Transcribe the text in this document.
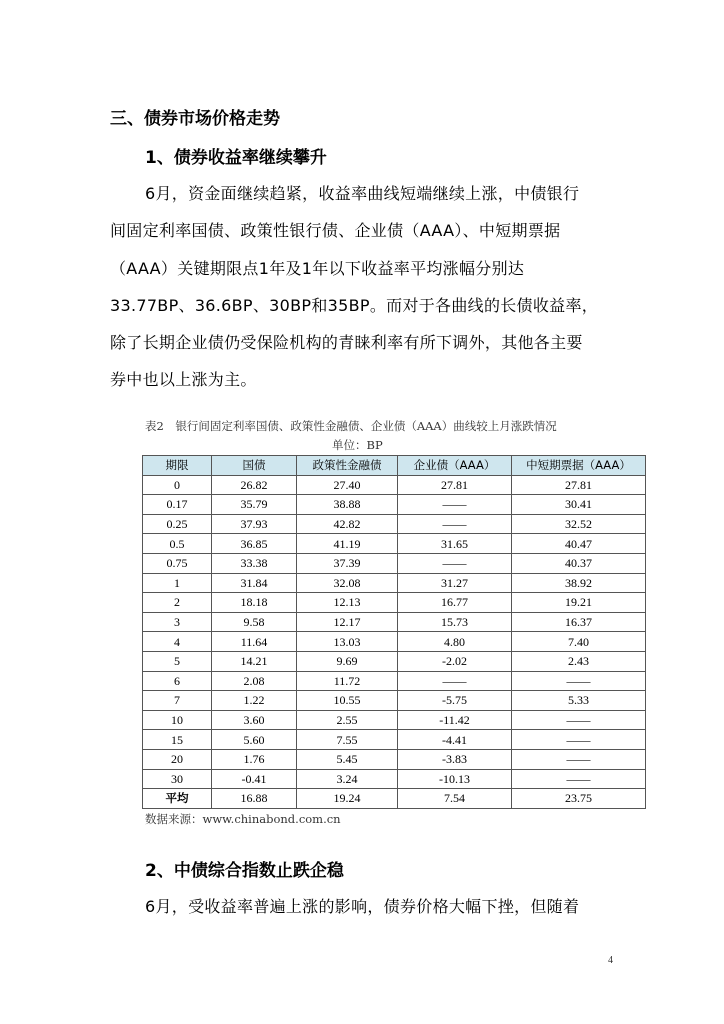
三、债券市场价格走势
1、债券收益率继续攀升
6月，资金面继续趋紧，收益率曲线短端继续上涨，中债银行
间固定利率国债、政策性银行债、企业债（AAA）、中短期票据
（AAA）关键期限点1年及1年以下收益率平均涨幅分别达
33.77BP、36.6BP、30BP和35BP。而对于各曲线的长债收益率，
除了长期企业债仍受保险机构的青睐利率有所下调外，其他各主要
券中也以上涨为主。
表2　银行间固定利率国债、政策性金融债、企业债（AAA）曲线较上月涨跌情况
单位：BP
期限	国债	政策性金融债	企业债（AAA）	中短期票据（AAA）
0	26.82	27.40	27.81	27.81
0.17	35.79	38.88	——	30.41
0.25	37.93	42.82	——	32.52
0.5	36.85	41.19	31.65	40.47
0.75	33.38	37.39	——	40.37
1	31.84	32.08	31.27	38.92
2	18.18	12.13	16.77	19.21
3	9.58	12.17	15.73	16.37
4	11.64	13.03	4.80	7.40
5	14.21	9.69	-2.02	2.43
6	2.08	11.72	——	——
7	1.22	10.55	-5.75	5.33
10	3.60	2.55	-11.42	——
15	5.60	7.55	-4.41	——
20	1.76	5.45	-3.83	——
30	-0.41	3.24	-10.13	——
平均	16.88	19.24	7.54	23.75
数据来源：www.chinabond.com.cn
2、中债综合指数止跌企稳
6月，受收益率普遍上涨的影响，债券价格大幅下挫，但随着
4
